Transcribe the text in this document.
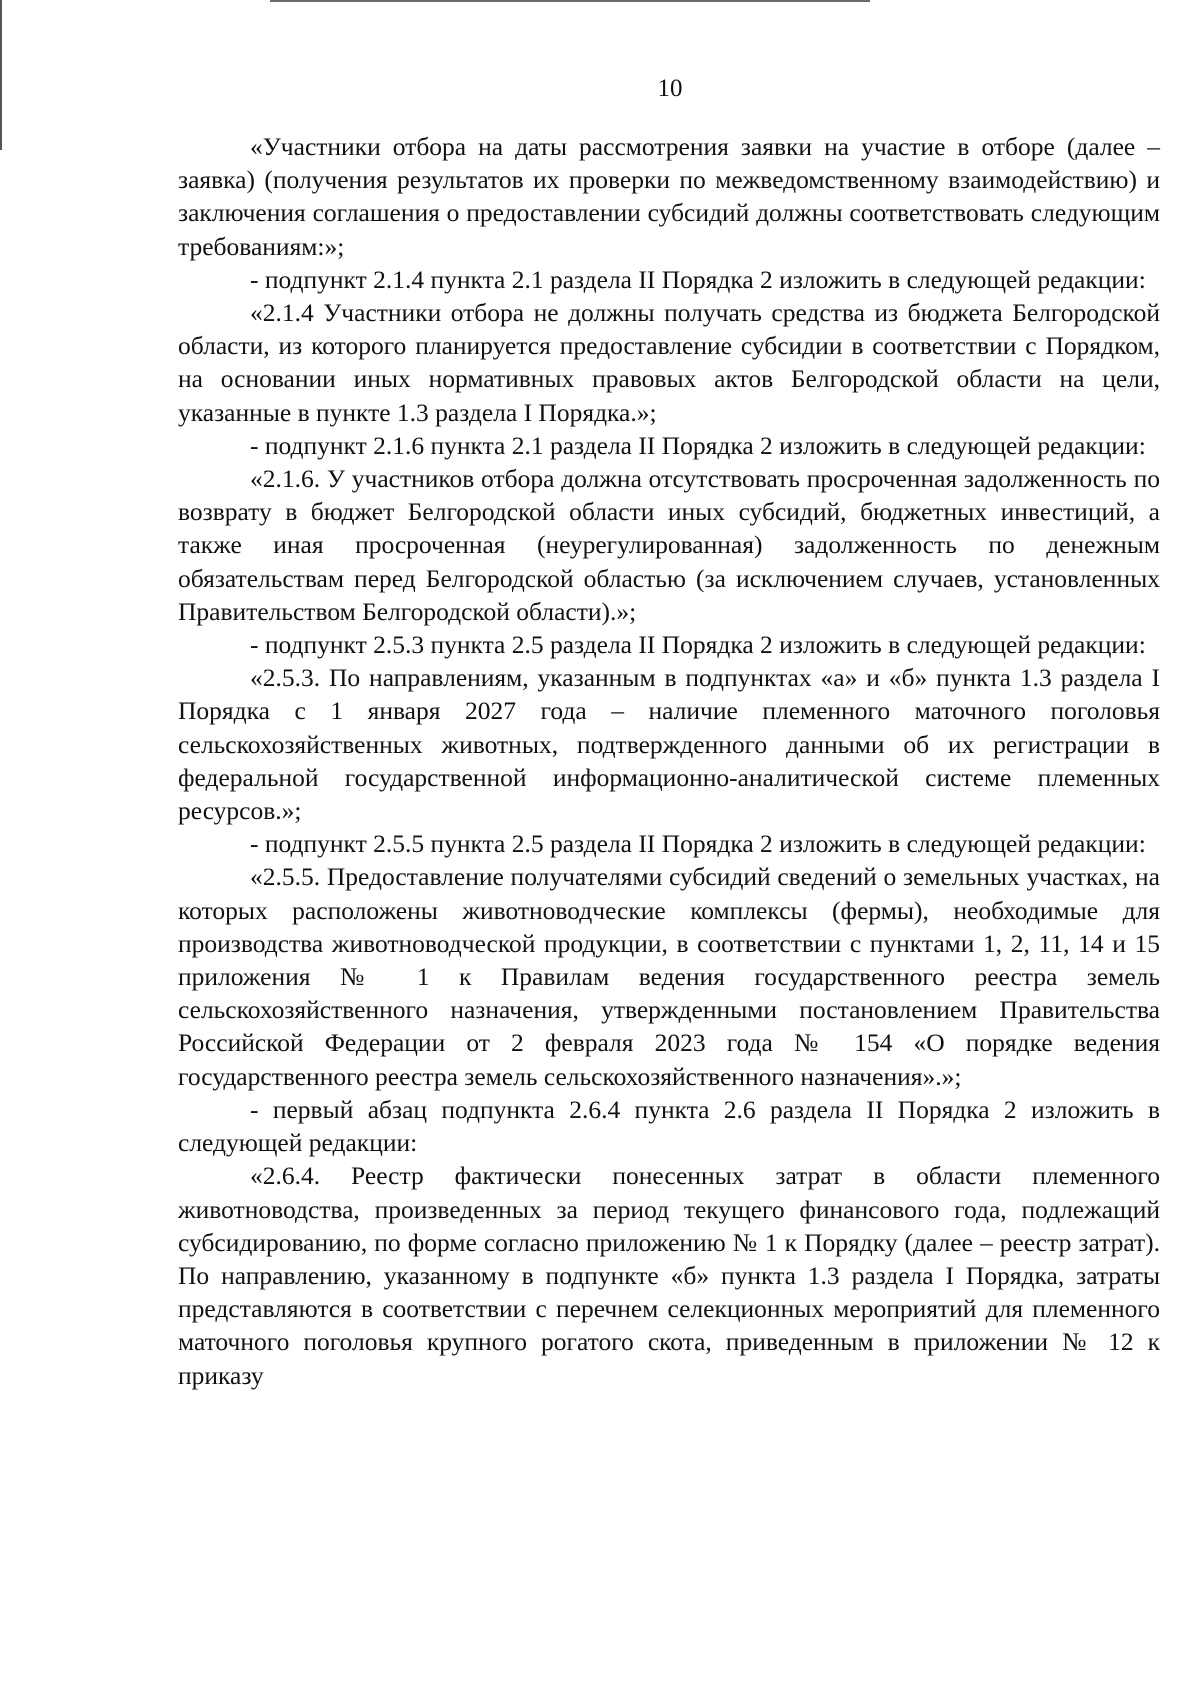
10

«Участники отбора на даты рассмотрения заявки на участие в отборе (далее – заявка) (получения результатов их проверки по межведомственному взаимодействию) и заключения соглашения о предоставлении субсидий должны соответствовать следующим требованиям:»;

- подпункт 2.1.4 пункта 2.1 раздела II Порядка 2 изложить в следующей редакции:

«2.1.4 Участники отбора не должны получать средства из бюджета Белгородской области, из которого планируется предоставление субсидии в соответствии с Порядком, на основании иных нормативных правовых актов Белгородской области на цели, указанные в пункте 1.3 раздела I Порядка.»;

- подпункт 2.1.6 пункта 2.1 раздела II Порядка 2 изложить в следующей редакции:

«2.1.6. У участников отбора должна отсутствовать просроченная задолженность по возврату в бюджет Белгородской области иных субсидий, бюджетных инвестиций, а также иная просроченная (неурегулированная) задолженность по денежным обязательствам перед Белгородской областью (за исключением случаев, установленных Правительством Белгородской области).»;

- подпункт 2.5.3 пункта 2.5 раздела II Порядка 2 изложить в следующей редакции:

«2.5.3. По направлениям, указанным в подпунктах «а» и «б» пункта 1.3 раздела I Порядка с 1 января 2027 года – наличие племенного маточного поголовья сельскохозяйственных животных, подтвержденного данными об их регистрации в федеральной государственной информационно-аналитической системе племенных ресурсов.»;

- подпункт 2.5.5 пункта 2.5 раздела II Порядка 2 изложить в следующей редакции:

«2.5.5. Предоставление получателями субсидий сведений о земельных участках, на которых расположены животноводческие комплексы (фермы), необходимые для производства животноводческой продукции, в соответствии с пунктами 1, 2, 11, 14 и 15 приложения № 1 к Правилам ведения государственного реестра земель сельскохозяйственного назначения, утвержденными постановлением Правительства Российской Федерации от 2 февраля 2023 года № 154 «О порядке ведения государственного реестра земель сельскохозяйственного назначения».»;

- первый абзац подпункта 2.6.4 пункта 2.6 раздела II Порядка 2 изложить в следующей редакции:

«2.6.4. Реестр фактически понесенных затрат в области племенного животноводства, произведенных за период текущего финансового года, подлежащий субсидированию, по форме согласно приложению № 1 к Порядку (далее – реестр затрат). По направлению, указанному в подпункте «б» пункта 1.3 раздела I Порядка, затраты представляются в соответствии с перечнем селекционных мероприятий для племенного маточного поголовья крупного рогатого скота, приведенным в приложении № 12 к приказу
